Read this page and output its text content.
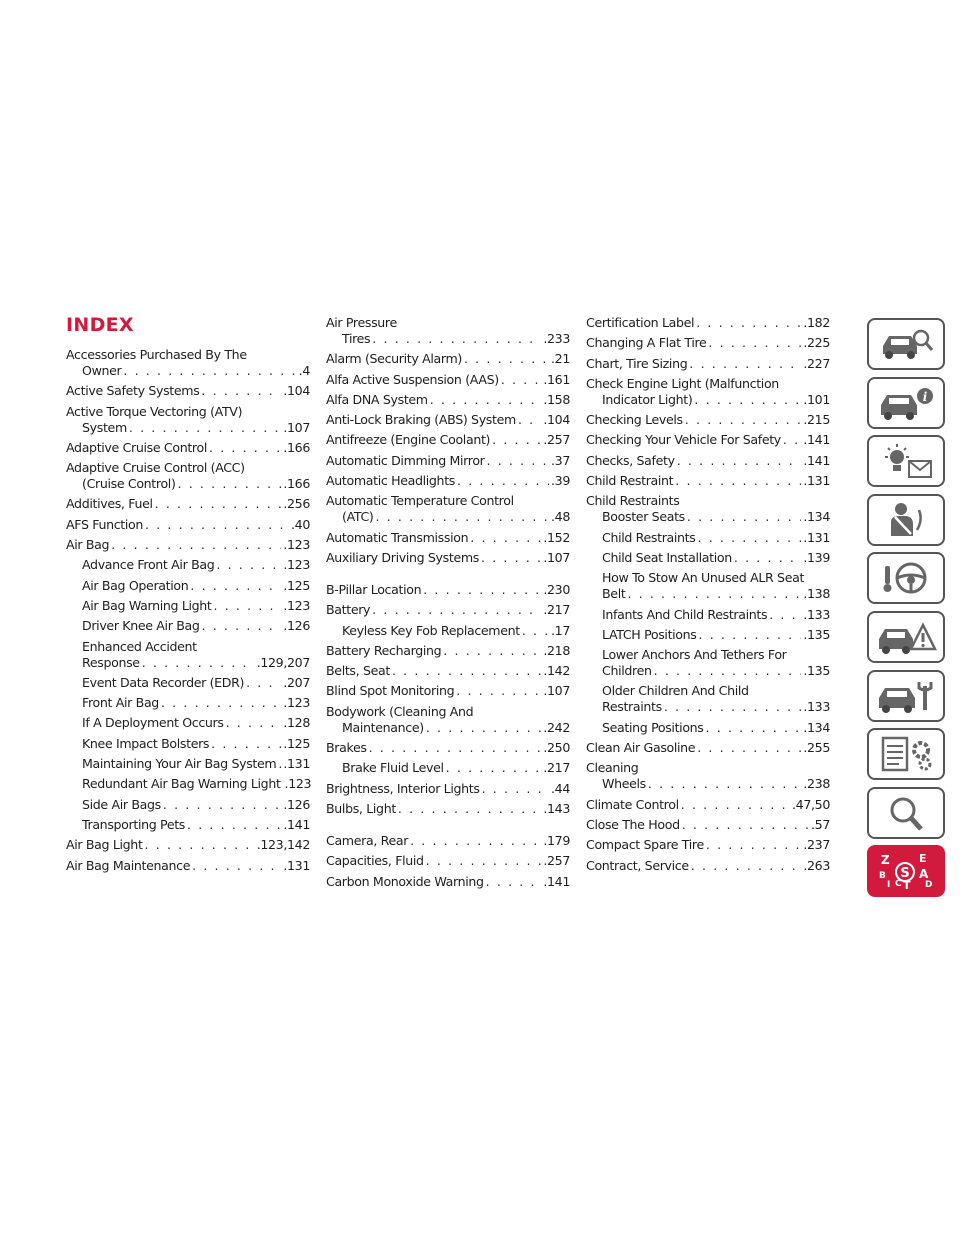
INDEX
Accessories Purchased By The
Owner . . .	.4
Active Safety Systems . . .	.104
Active Torque Vectoring (ATV)
System . . .	.107
Adaptive Cruise Control . . .	.166
Adaptive Cruise Control (ACC)
(Cruise Control) . . .	.166
Additives, Fuel . . .	.256
AFS Function . . .	.40
Air Bag . . .	.123
Advance Front Air Bag . . .	.123
Air Bag Operation . . .	.125
Air Bag Warning Light . . .	.123
Driver Knee Air Bag . . .	.126
Enhanced Accident
Response . . .	.129,207
Event Data Recorder (EDR) . . .	.207
Front Air Bag . . .	.123
If A Deployment Occurs . . .	.128
Knee Impact Bolsters . . .	.125
Maintaining Your Air Bag System . . . .131
Redundant Air Bag Warning Light .123
Side Air Bags . . .	.126
Transporting Pets . . .	.141
Air Bag Light . . .	.123,142
Air Bag Maintenance . . .	.131
Air Pressure
Tires . . .	.233
Alarm (Security Alarm) . . .	.21
Alfa Active Suspension (AAS) . . .	.161
Alfa DNA System . . .	.158
Anti-Lock Braking (ABS) System . . . .104
Antifreeze (Engine Coolant) . . .	.257
Automatic Dimming Mirror . . .	.37
Automatic Headlights . . .	.39
Automatic Temperature Control
(ATC) . . .	.48
Automatic Transmission . . .	.152
Auxiliary Driving Systems . . .	.107
B-Pillar Location . . .	.230
Battery . . .	.217
Keyless Key Fob Replacement . . . .17
Battery Recharging . . .	.218
Belts, Seat . . .	.142
Blind Spot Monitoring . . .	.107
Bodywork (Cleaning And
Maintenance) . . .	.242
Brakes . . .	.250
Brake Fluid Level . . .	.217
Brightness, Interior Lights . . .	.44
Bulbs, Light . . .	.143
Camera, Rear . . .	.179
Capacities, Fluid . . .	.257
Carbon Monoxide Warning . . .	.141
Certification Label . . .	.182
Changing A Flat Tire . . .	.225
Chart, Tire Sizing . . .	.227
Check Engine Light (Malfunction
Indicator Light) . . .	.101
Checking Levels . . .	.215
Checking Your Vehicle For Safety . . . .141
Checks, Safety . . .	.141
Child Restraint . . .	.131
Child Restraints
Booster Seats . . .	.134
Child Restraints . . .	.131
Child Seat Installation . . .	.139
How To Stow An Unused ALR Seat
Belt . . .	.138
Infants And Child Restraints . . .	.133
LATCH Positions . . .	.135
Lower Anchors And Tethers For
Children . . .	.135
Older Children And Child
Restraints . . .	.133
Seating Positions . . .	.134
Clean Air Gasoline . . .	.255
Cleaning
Wheels . . .	.238
Climate Control . . .	.47,50
Close The Hood . . .	.57
Compact Spare Tire . . .	.237
Contract, Service . . .	.263
i
S
Z	E
B	A
I C T D
